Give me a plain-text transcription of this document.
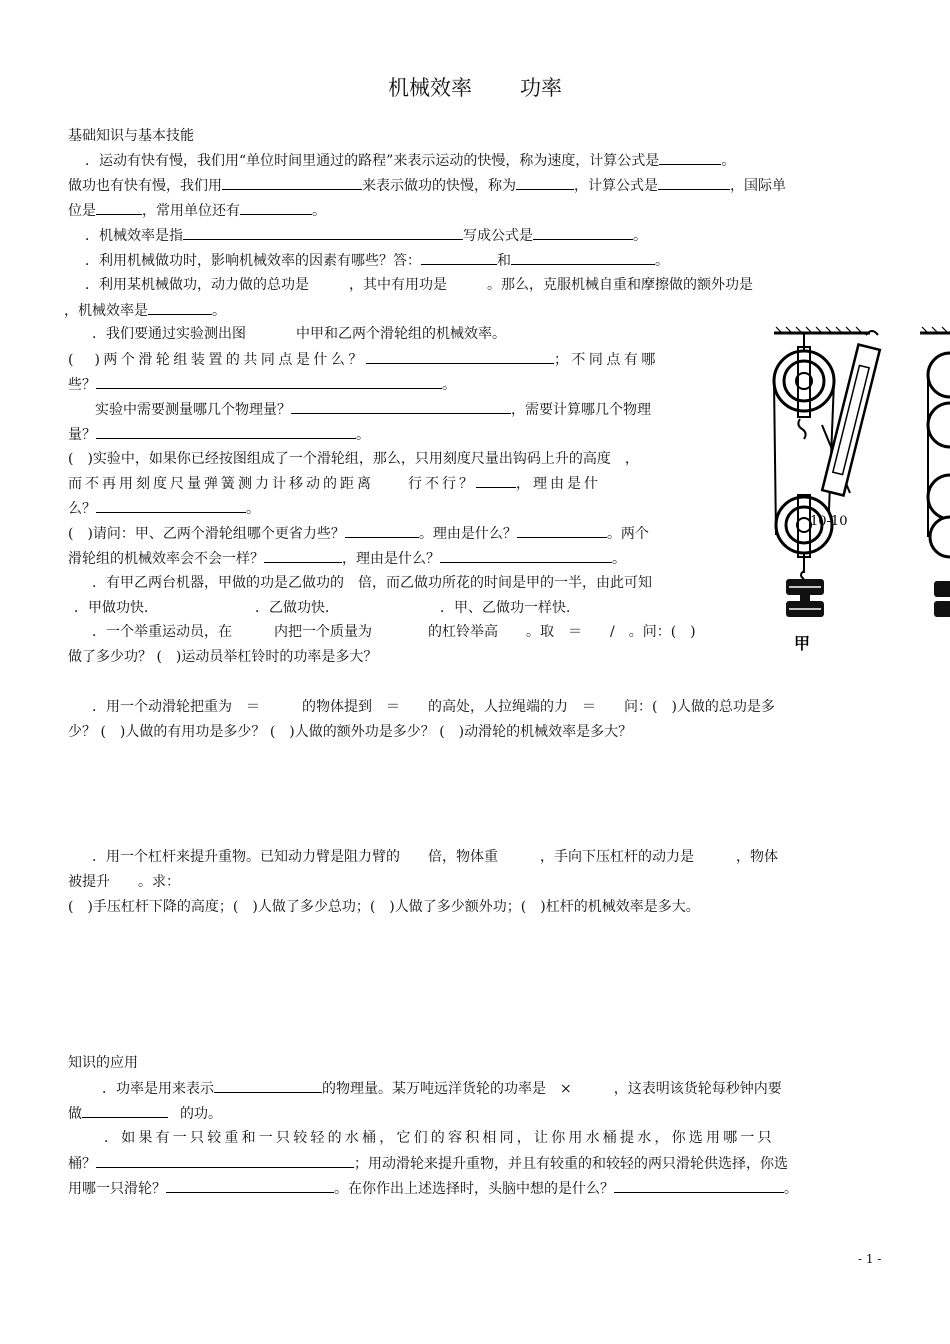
机械效率 功率
基础知识与基本技能
．运动有快有慢，我们用“单位时间里通过的路程”来表示运动的快慢，称为速度，计算公式是	。
做功也有快有慢，我们用	来表示做功的快慢，称为	，计算公式是	，国际单
位是	，常用单位还有	。
．机械效率是指	写成公式是	。
．利用机械做功时，影响机械效率的因素有哪些？答：	和	。
．利用某机械做功，动力做的总功是	，其中有用功是	。那么，克服机械自重和摩擦做的额外功是
，机械效率是	。
．我们要通过实验测出图	中甲和乙两个滑轮组的机械效率。
(　)两个滑轮组装置的共同点是什么？	；不同点有哪
些？	。
实验中需要测量哪几个物理量？	，需要计算哪几个物理
量？	。
(　)实验中，如果你已经按图组成了一个滑轮组，那么，只用刻度尺量出钩码上升的高度　，
而不再用刻度尺量弹簧测力计移动的距离　　行不行？	，理由是什
么？	。
(　)请问：甲、乙两个滑轮组哪个更省力些？	。理由是什么？	。两个
滑轮组的机械效率会不会一样？	，理由是什么？	。
．有甲乙两台机器，甲做的功是乙做功的　倍，而乙做功所花的时间是甲的一半，由此可知
．甲做功快．	．乙做功快．	．甲、乙做功一样快．
．一个举重运动员，在　　　内把一个质量为　　　　的杠铃举高　　。取　＝　　/　。问：(　)
做了多少功？ (　)运动员举杠铃时的功率是多大？
．用一个动滑轮把重为　＝　　　的物体提到　＝　　的高处，人拉绳端的力　＝　　问：(　)人做的总功是多
少？ (　)人做的有用功是多少？ (　)人做的额外功是多少？ (　)动滑轮的机械效率是多大？
．用一个杠杆来提升重物。已知动力臂是阻力臂的　　倍，物体重　　　，手向下压杠杆的动力是　　　，物体
被提升　　。求：
(　)手压杠杆下降的高度；(　)人做了多少总功；(　)人做了多少额外功；(　)杠杆的机械效率是多大。
知识的应用
．功率是用来表示	的物理量。某万吨远洋货轮的功率是　×　　　，这表明该货轮每秒钟内要
做	的功。
．如果有一只较重和一只较轻的水桶，它们的容积相同，让你用水桶提水，你选用哪一只
桶？	；用动滑轮来提升重物，并且有较重的和较轻的两只滑轮供选择，你选
用哪一只滑轮？	。在你作出上述选择时，头脑中想的是什么？	。
10-10
甲
- 1 -
